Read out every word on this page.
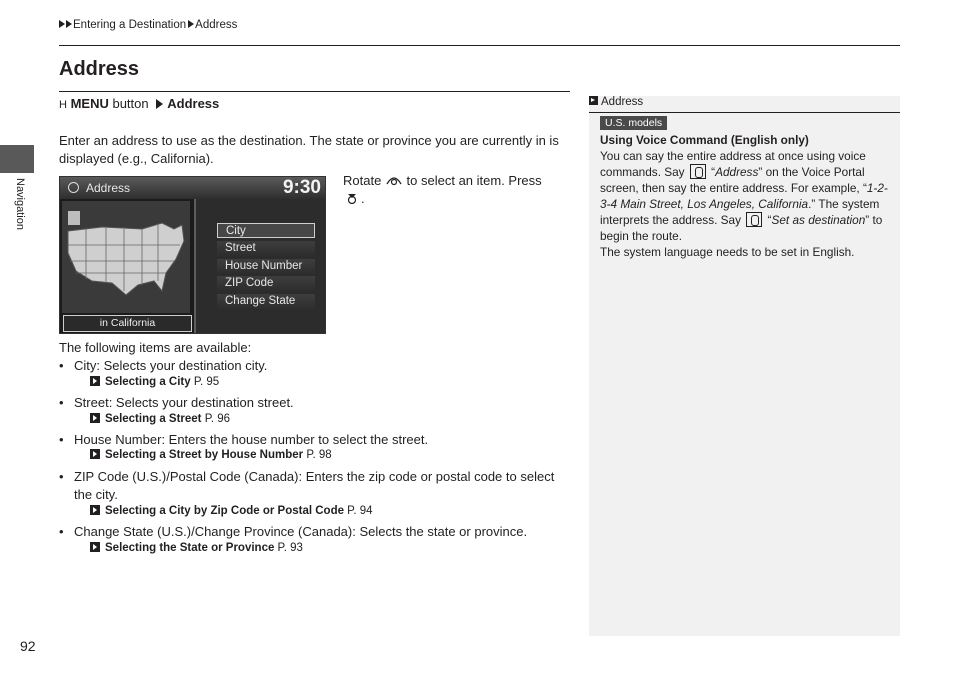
Entering a Destination Address
Navigation
Address
H MENU button Address
Enter an address to use as the destination. The state or province you are currently in is displayed (e.g., California).
Address	9:30
in California
City
Street
House Number
ZIP Code
Change State
Rotate  to select an item. Press
.
The following items are available:
• City: Selects your destination city.
Selecting a City P. 95
• Street: Selects your destination street.
Selecting a Street P. 96
• House Number: Enters the house number to select the street.
Selecting a Street by House Number P. 98
• ZIP Code (U.S.)/Postal Code (Canada): Enters the zip code or postal code to select the city.
Selecting a City by Zip Code or Postal Code P. 94
• Change State (U.S.)/Change Province (Canada): Selects the state or province.
Selecting the State or Province P. 93
Address
U.S. models
Using Voice Command (English only)
You can say the entire address at once using voice commands. Say  “Address” on the Voice Portal screen, then say the entire address. For example, “1-2-3-4 Main Street, Los Angeles, California.” The system interprets the address. Say  “Set as destination” to begin the route.
The system language needs to be set in English.
92
